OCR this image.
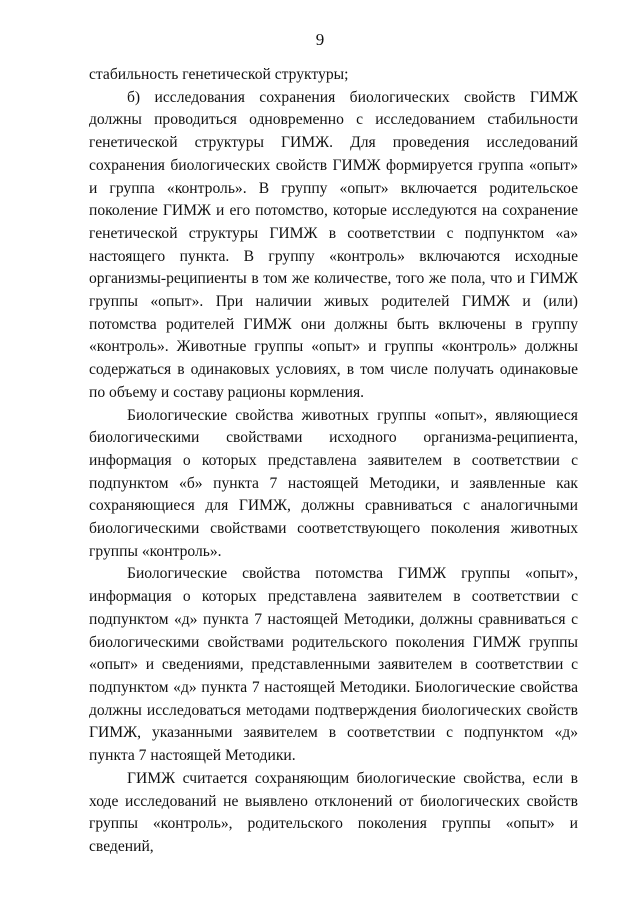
9

стабильность генетической структуры;

б) исследования сохранения биологических свойств ГИМЖ должны проводиться одновременно с исследованием стабильности генетической структуры ГИМЖ. Для проведения исследований сохранения биологических свойств ГИМЖ формируется группа «опыт» и группа «контроль». В группу «опыт» включается родительское поколение ГИМЖ и его потомство, которые исследуются на сохранение генетической структуры ГИМЖ в соответствии с подпунктом «а» настоящего пункта. В группу «контроль» включаются исходные организмы-реципиенты в том же количестве, того же пола, что и ГИМЖ группы «опыт». При наличии живых родителей ГИМЖ и (или) потомства родителей ГИМЖ они должны быть включены в группу «контроль». Животные группы «опыт» и группы «контроль» должны содержаться в одинаковых условиях, в том числе получать одинаковые по объему и составу рационы кормления.

Биологические свойства животных группы «опыт», являющиеся биологическими свойствами исходного организма-реципиента, информация о которых представлена заявителем в соответствии с подпунктом «б» пункта 7 настоящей Методики, и заявленные как сохраняющиеся для ГИМЖ, должны сравниваться с аналогичными биологическими свойствами соответствующего поколения животных группы «контроль».

Биологические свойства потомства ГИМЖ группы «опыт», информация о которых представлена заявителем в соответствии с подпунктом «д» пункта 7 настоящей Методики, должны сравниваться с биологическими свойствами родительского поколения ГИМЖ группы «опыт» и сведениями, представленными заявителем в соответствии с подпунктом «д» пункта 7 настоящей Методики. Биологические свойства должны исследоваться методами подтверждения биологических свойств ГИМЖ, указанными заявителем в соответствии с подпунктом «д» пункта 7 настоящей Методики.

ГИМЖ считается сохраняющим биологические свойства, если в ходе исследований не выявлено отклонений от биологических свойств группы «контроль», родительского поколения группы «опыт» и сведений,
